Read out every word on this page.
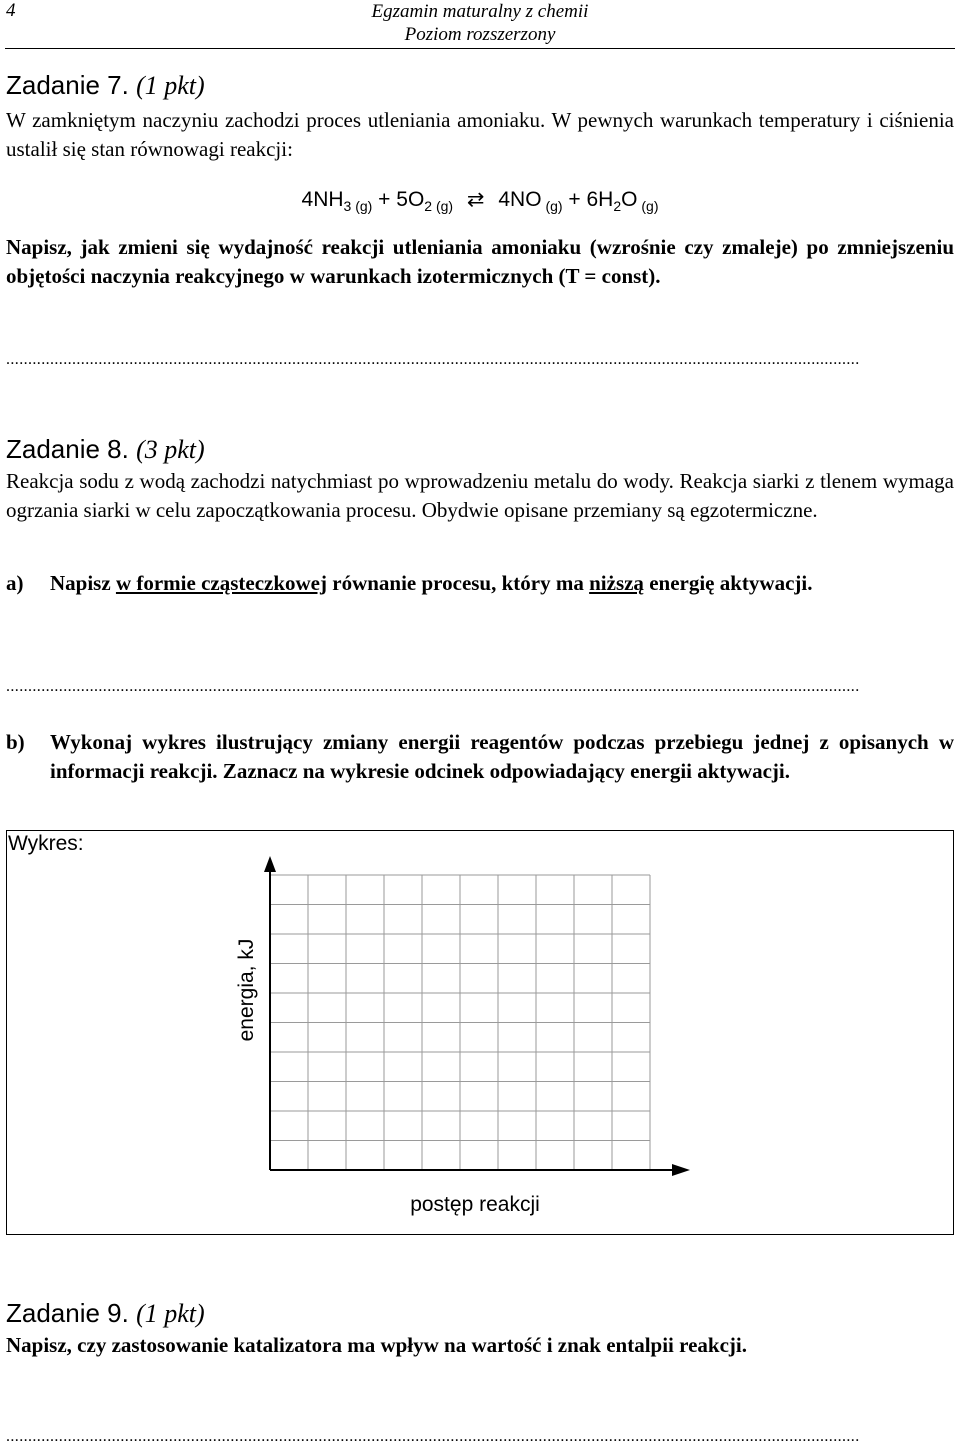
4	Egzamin maturalny z chemii
Poziom rozszerzony
Zadanie 7. (1 pkt)
W zamkniętym naczyniu zachodzi proces utleniania amoniaku. W pewnych warunkach temperatury i ciśnienia ustalił się stan równowagi reakcji:
$4NH_3$ $_{(g)} + 5O_2$ $_{(g)}$ ⇄ 4NO $_{(g)} + 6H_2O$ $_{(g)}$
Napisz, jak zmieni się wydajność reakcji utleniania amoniaku (wzrośnie czy zmaleje) po zmniejszeniu objętości naczynia reakcyjnego w warunkach izotermicznych (T = const).
..................................................................................................................................................................................................
Zadanie 8. (3 pkt)
Reakcja sodu z wodą zachodzi natychmiast po wprowadzeniu metalu do wody. Reakcja siarki z tlenem wymaga ogrzania siarki w celu zapoczątkowania procesu. Obydwie opisane przemiany są egzotermiczne.
a) Napisz w formie cząsteczkowej równanie procesu, który ma niższą energię aktywacji.
..................................................................................................................................................................................................
b) Wykonaj wykres ilustrujący zmiany energii reagentów podczas przebiegu jednej z opisanych w informacji reakcji. Zaznacz na wykresie odcinek odpowiadający energii aktywacji.
Wykres:
energia, kJ
postęp reakcji
Zadanie 9. (1 pkt)
Napisz, czy zastosowanie katalizatora ma wpływ na wartość i znak entalpii reakcji.
..................................................................................................................................................................................................
